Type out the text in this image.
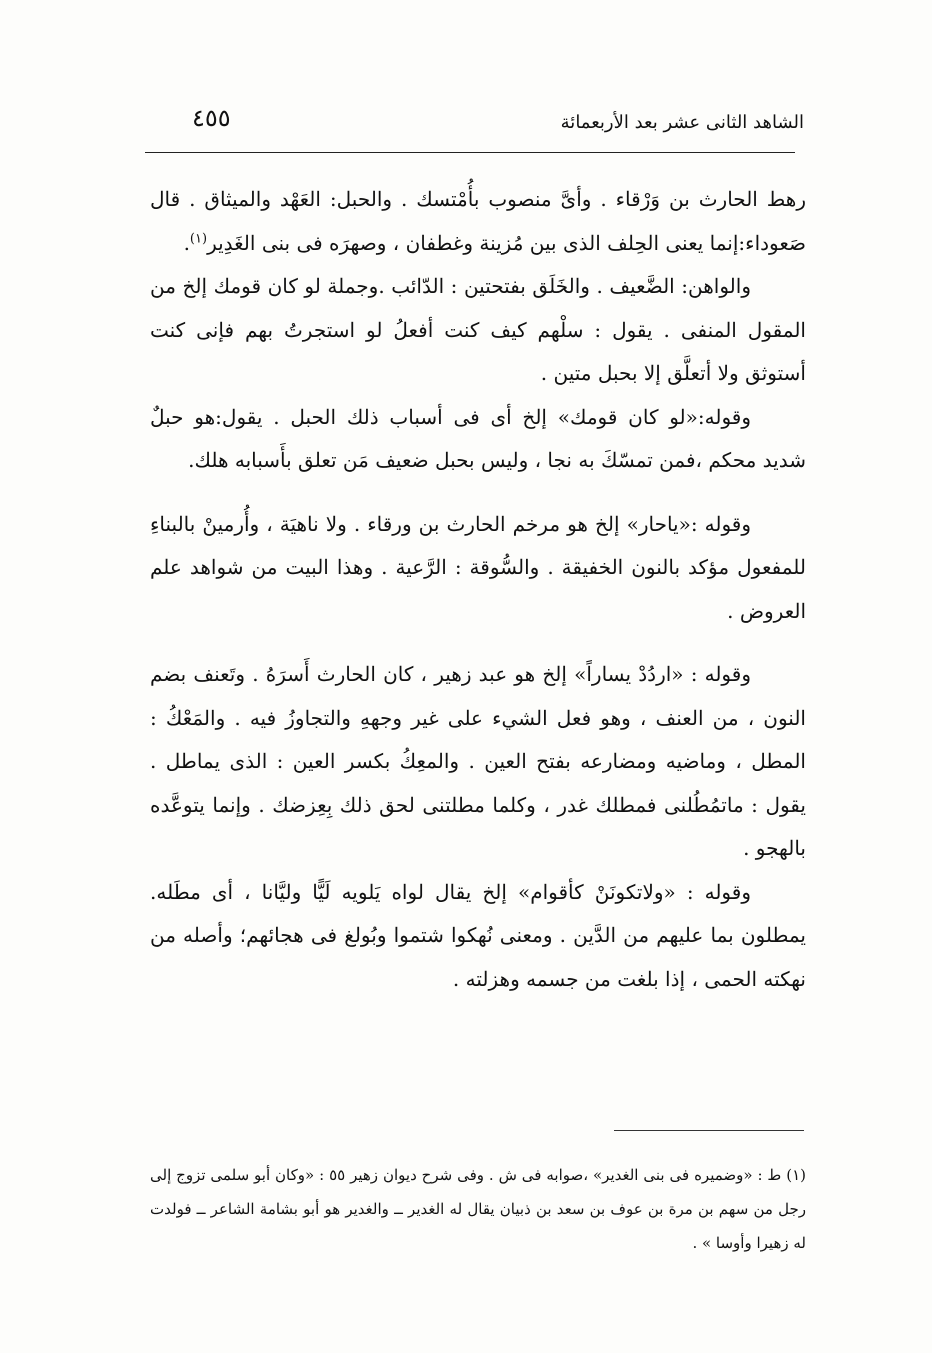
الشاهد الثانى عشر بعد الأربعمائة
٤٥٥

رهط الحارث بن وَرْقاء . وأىَّ منصوب بأُمْتسك . والحبل: العَهْد والميثاق . قال صَعوداء:إنما يعنى الحِلف الذى بين مُزينة وغطفان ، وصهرَه فى بنى الغَدِير$^{(١)}$.

والواهن: الضَّعيف . والخَلَق بفتحتين : الدّائب .وجملة لو كان قومك إلخ من المقول المنفى . يقول : سلْهم كيف كنت أفعلُ لو استجرتُ بهم فإنى كنت أستوثق ولا أتعلَّق إلا بحبل متين .

وقوله:«لو كان قومك» إلخ أى فى أسباب ذلك الحبل . يقول:هو حبلٌ شديد محكم ،فمن تمسّكَ به نجا ، وليس بحبل ضعيف مَن تعلق بأَسبابه هلك.

وقوله :«ياحار» إلخ هو مرخم الحارث بن ورقاء . ولا ناهيَة ، وأُرمينْ بالبناءِ للمفعول مؤكد بالنون الخفيقة . والسُّوقة : الرَّعية . وهذا البيت من شواهد علم العروض .

وقوله : «اردُدْ يساراً» إلخ هو عبد زهير ، كان الحارث أَسرَهُ . وتَعنف بضم النون ، من العنف ، وهو فعل الشيء على غير وجههِ والتجاوزُ فيه . والمَعْكُ : المطل ، وماضيه ومضارعه بفتح العين . والمعِكُ بكسر العين : الذى يماطل . يقول : ماتمُطُلنى فمطلك غدر ، وكلما مطلتنى لحق ذلك بِعِزضك . وإنما يتوعَّده بالهجو .

وقوله : «ولاتكونَنْ كأقوام» إلخ يقال لواه يَلويه لَيًّا وليَّانا ، أى مطَله. يمطلون بما عليهم من الدَّين . ومعنى نُهكوا شتموا وبُولغ فى هجائهم؛ وأصله من نهكته الحمى ، إذا بلغت من جسمه وهزلته .

(١) ط : «وضميره فى بنى الغدير» ،صوابه فى ش . وفى شرح ديوان زهير ٥٥ : «وكان أبو سلمى تزوج إلى رجل من سهم بن مرة بن عوف بن سعد بن ذبيان يقال له الغدير ــ والغدير هو أبو بشامة الشاعر ــ فولدت له زهيرا وأوسا » .
